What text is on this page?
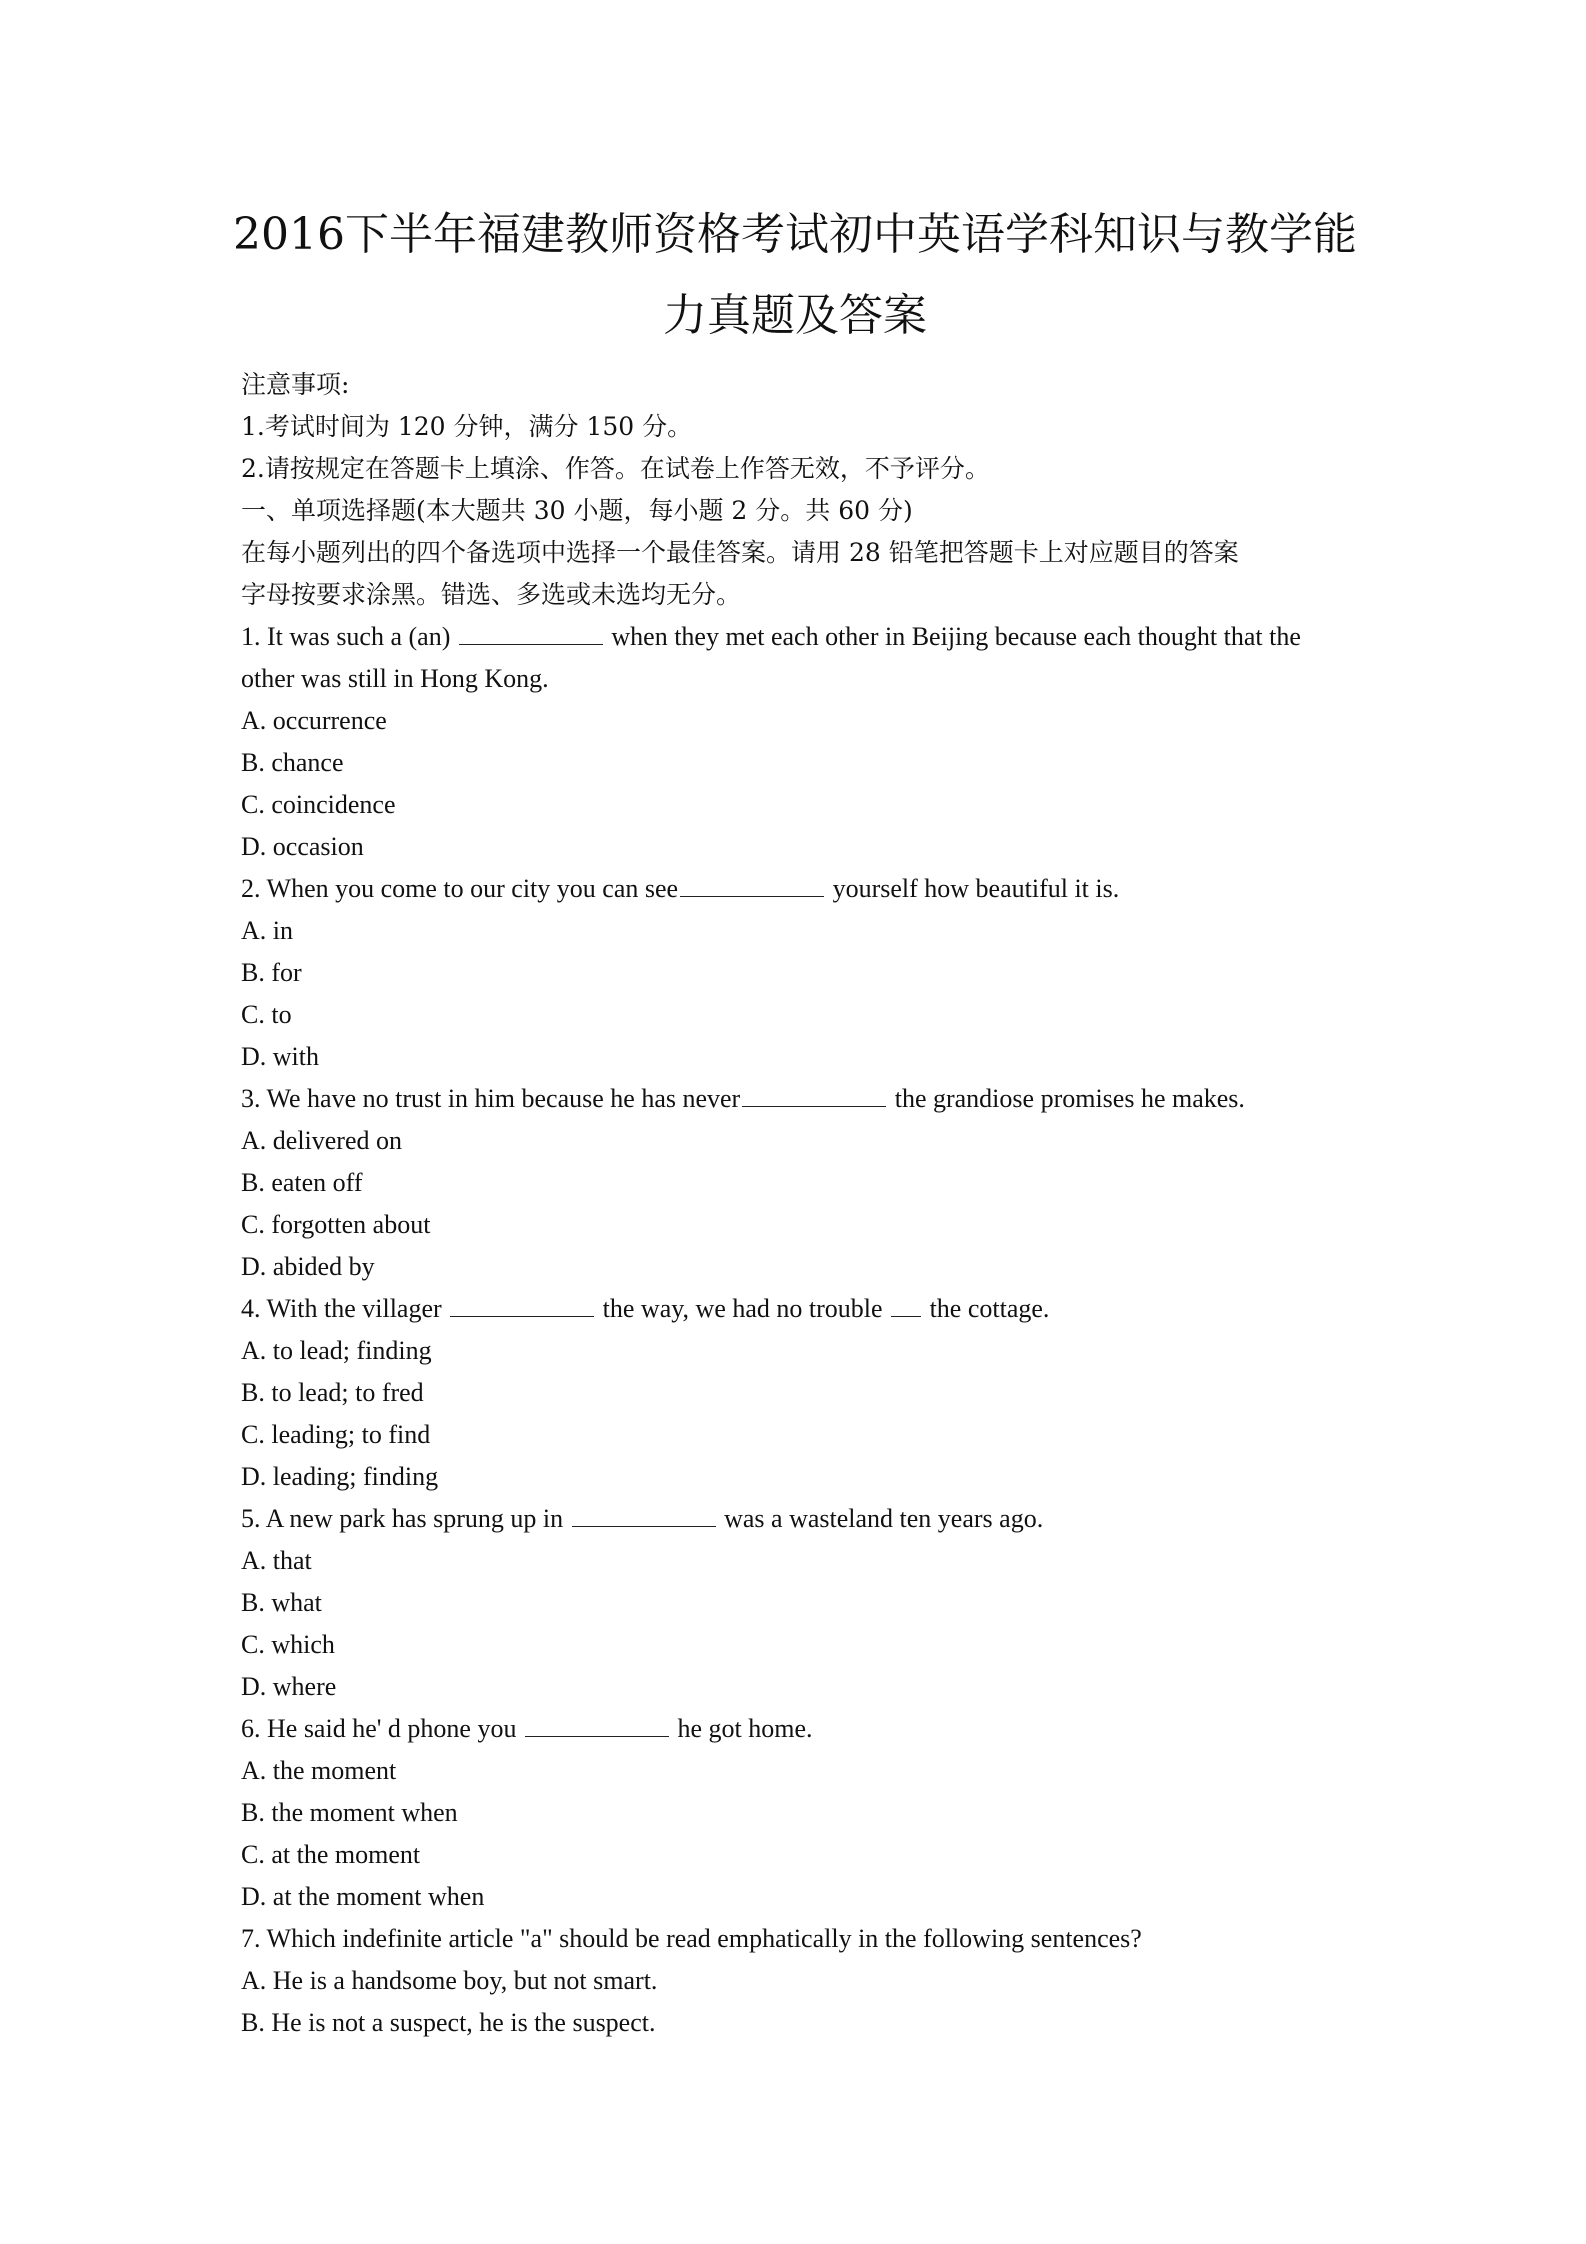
2016下半年福建教师资格考试初中英语学科知识与教学能
力真题及答案
注意事项:
1.考试时间为 120 分钟，满分 150 分。
2.请按规定在答题卡上填涂、作答。在试卷上作答无效，不予评分。
一、单项选择题(本大题共 30 小题，每小题 2 分。共 60 分)
在每小题列出的四个备选项中选择一个最佳答案。请用 28 铅笔把答题卡上对应题目的答案
字母按要求涂黑。错选、多选或未选均无分。
1. It was such a (an)	when they met each other in Beijing because each thought that the
other was still in Hong Kong.
A. occurrence
B. chance
C. coincidence
D. occasion
2. When you come to our city you can see	yourself how beautiful it is.
A. in
B. for
C. to
D. with
3. We have no trust in him because he has never	the grandiose promises he makes.
A. delivered on
B. eaten off
C. forgotten about
D. abided by
4. With the villager	the way, we had no trouble the cottage.
A. to lead; finding
B. to lead; to fred
C. leading; to find
D. leading; finding
5. A new park has sprung up in	was a wasteland ten years ago.
A. that
B. what
C. which
D. where
6. He said he' d phone you	he got home.
A. the moment
B. the moment when
C. at the moment
D. at the moment when
7. Which indefinite article "a" should be read emphatically in the following sentences?
A. He is a handsome boy, but not smart.
B. He is not a suspect, he is the suspect.
